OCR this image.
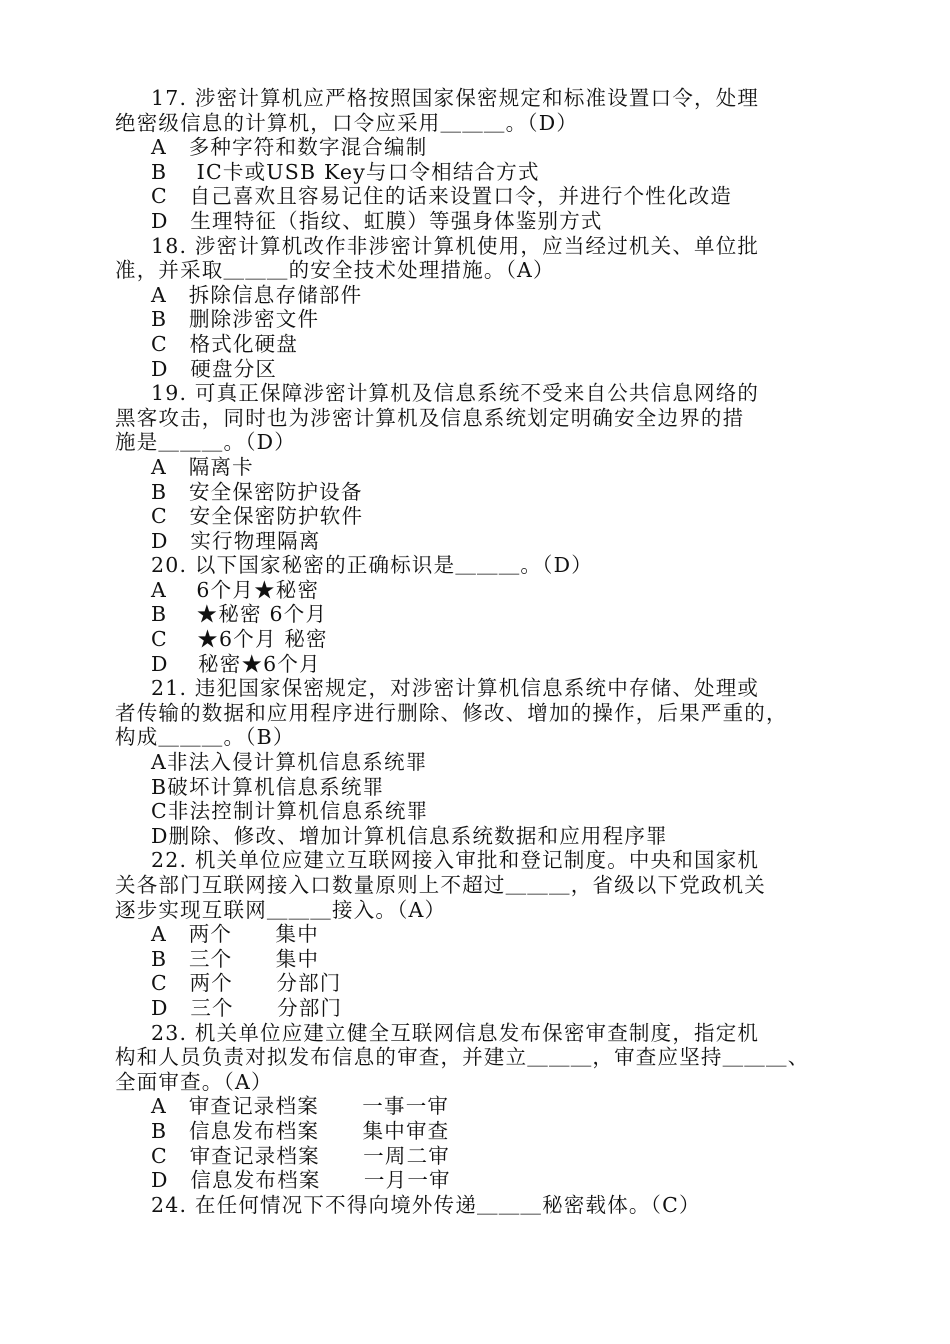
17. 涉密计算机应严格按照国家保密规定和标准设置口令，处理
绝密级信息的计算机，口令应采用＿＿＿。（D）
A　多种字符和数字混合编制
B　 IC卡或USB Key与口令相结合方式
C　自己喜欢且容易记住的话来设置口令，并进行个性化改造
D　生理特征（指纹、虹膜）等强身体鉴别方式
18. 涉密计算机改作非涉密计算机使用，应当经过机关、单位批
准，并采取＿＿＿的安全技术处理措施。（A）
A　拆除信息存储部件
B　删除涉密文件
C　格式化硬盘
D　硬盘分区
19. 可真正保障涉密计算机及信息系统不受来自公共信息网络的
黑客攻击，同时也为涉密计算机及信息系统划定明确安全边界的措
施是＿＿＿。（D）
A　隔离卡
B　安全保密防护设备
C　安全保密防护软件
D　实行物理隔离
20. 以下国家秘密的正确标识是＿＿＿。（D）
A　 6个月★秘密
B　 ★秘密 6个月
C　 ★6个月 秘密
D　 秘密★6个月
21. 违犯国家保密规定，对涉密计算机信息系统中存储、处理或
者传输的数据和应用程序进行删除、修改、增加的操作，后果严重的，
构成＿＿＿。（B）
A非法入侵计算机信息系统罪
B破坏计算机信息系统罪
C非法控制计算机信息系统罪
D删除、修改、增加计算机信息系统数据和应用程序罪
22. 机关单位应建立互联网接入审批和登记制度。中央和国家机
关各部门互联网接入口数量原则上不超过＿＿＿，省级以下党政机关
逐步实现互联网＿＿＿接入。（A）
A　两个　　集中
B　三个　　集中
C　两个　　分部门
D　三个　　分部门
23. 机关单位应建立健全互联网信息发布保密审查制度，指定机
构和人员负责对拟发布信息的审查，并建立＿＿＿，审查应坚持＿＿＿、
全面审查。（A）
A　审查记录档案　　一事一审
B　信息发布档案　　集中审查
C　审查记录档案　　一周二审
D　信息发布档案　　一月一审
24. 在任何情况下不得向境外传递＿＿＿秘密载体。（C）
